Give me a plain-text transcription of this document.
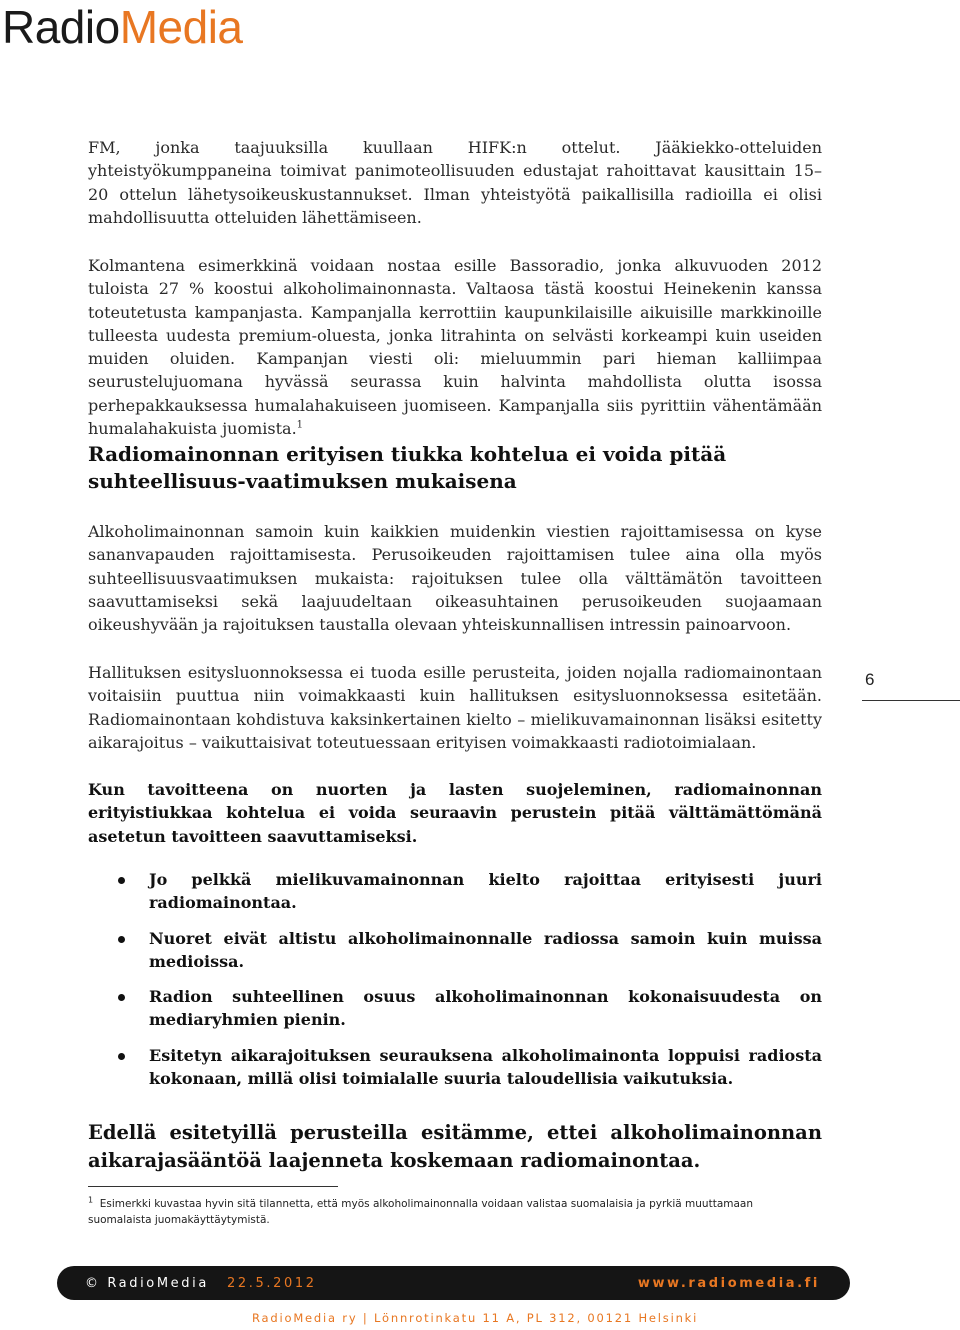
RadioMedia

FM, jonka taajuuksilla kuullaan HIFK:n ottelut. Jääkiekko-otteluiden yhteistyökumppaneina toimivat panimoteollisuuden edustajat rahoittavat kausittain 15–20 ottelun lähetysoikeuskustannukset. Ilman yhteistyötä paikallisilla radioilla ei olisi mahdollisuutta otteluiden lähettämiseen.

Kolmantena esimerkkinä voidaan nostaa esille Bassoradio, jonka alkuvuoden 2012 tuloista 27 % koostui alkoholimainonnasta. Valtaosa tästä koostui Heinekenin kanssa toteutetusta kampanjasta. Kampanjalla kerrottiin kaupunkilaisille aikuisille markkinoille tulleesta uudesta premium-oluesta, jonka litrahinta on selvästi korkeampi kuin useiden muiden oluiden. Kampanjan viesti oli: mieluummin pari hieman kalliimpaa seurustelujuomana hyvässä seurassa kuin halvinta mahdollista olutta isossa perhepakkauksessa humalahakuiseen juomiseen. Kampanjalla siis pyrittiin vähentämään humalahakuista juomista.$^1$

Radiomainonnan erityisen tiukka kohtelua ei voida pitää suhteellisuus-vaatimuksen mukaisena

Alkoholimainonnan samoin kuin kaikkien muidenkin viestien rajoittamisessa on kyse sananvapauden rajoittamisesta. Perusoikeuden rajoittamisen tulee aina olla myös suhteellisuusvaatimuksen mukaista: rajoituksen tulee olla välttämätön tavoitteen saavuttamiseksi sekä laajuudeltaan oikeasuhtainen perusoikeuden suojaamaan oikeushyvään ja rajoituksen taustalla olevaan yhteiskunnallisen intressin painoarvoon.

Hallituksen esitysluonnoksessa ei tuoda esille perusteita, joiden nojalla radiomainontaan voitaisiin puuttua niin voimakkaasti kuin hallituksen esitysluonnoksessa esitetään. Radiomainontaan kohdistuva kaksinkertainen kielto – mielikuvamainonnan lisäksi esitetty aikarajoitus – vaikuttaisivat toteutuessaan erityisen voimakkaasti radiotoimialaan.

Kun tavoitteena on nuorten ja lasten suojeleminen, radiomainonnan erityistiukkaa kohtelua ei voida seuraavin perustein pitää välttämättömänä asetetun tavoitteen saavuttamiseksi.

Jo pelkkä mielikuvamainonnan kielto rajoittaa erityisesti juuri radiomainontaa.
Nuoret eivät altistu alkoholimainonnalle radiossa samoin kuin muissa medioissa.
Radion suhteellinen osuus alkoholimainonnan kokonaisuudesta on mediaryhmien pienin.
Esitetyn aikarajoituksen seurauksena alkoholimainonta loppuisi radiosta kokonaan, millä olisi toimialalle suuria taloudellisia vaikutuksia.
Edellä esitetyillä perusteilla esitämme, ettei alkoholimainonnan aikarajasääntöä laajenneta koskemaan radiomainontaa.
6
$^1$ Esimerkki kuvastaa hyvin sitä tilannetta, että myös alkoholimainonnalla voidaan valistaa suomalaisia ja pyrkiä muuttamaan suomalaista juomakäyttäytymistä.
© RadioMedia 22.5.2012	www.radiomedia.fi
RadioMedia ry | Lönnrotinkatu 11 A, PL 312, 00121 Helsinki
